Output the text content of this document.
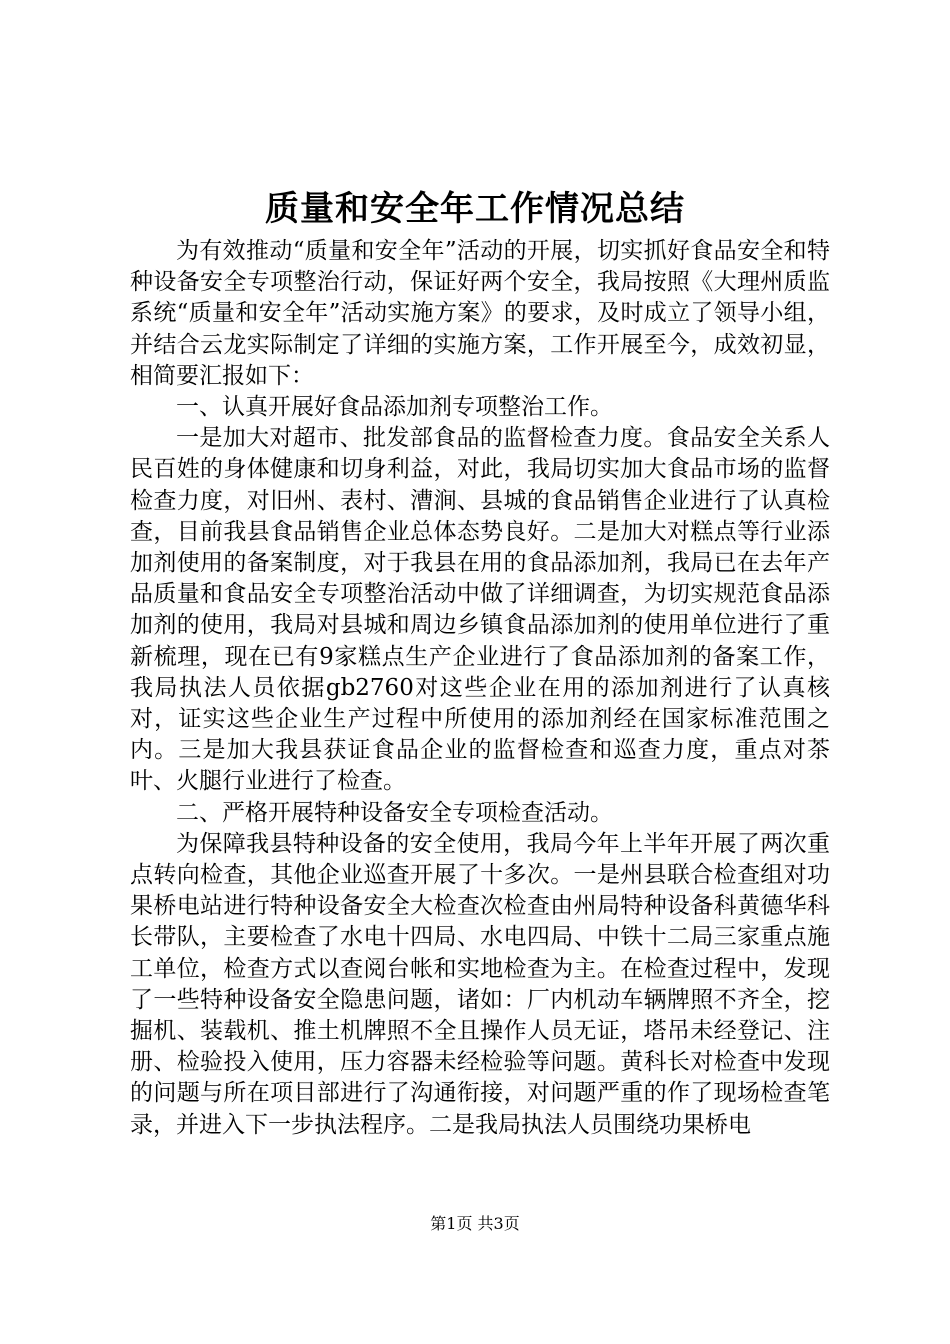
质量和安全年工作情况总结

为有效推动“质量和安全年”活动的开展，切实抓好食品安全和特种设备安全专项整治行动，保证好两个安全，我局按照《大理州质监系统“质量和安全年”活动实施方案》的要求，及时成立了领导小组，并结合云龙实际制定了详细的实施方案，工作开展至今，成效初显，相简要汇报如下：

一、认真开展好食品添加剂专项整治工作。

一是加大对超市、批发部食品的监督检查力度。食品安全关系人民百姓的身体健康和切身利益，对此，我局切实加大食品市场的监督检查力度，对旧州、表村、漕涧、县城的食品销售企业进行了认真检查，目前我县食品销售企业总体态势良好。二是加大对糕点等行业添加剂使用的备案制度，对于我县在用的食品添加剂，我局已在去年产品质量和食品安全专项整治活动中做了详细调查，为切实规范食品添加剂的使用，我局对县城和周边乡镇食品添加剂的使用单位进行了重新梳理，现在已有9家糕点生产企业进行了食品添加剂的备案工作，我局执法人员依据gb2760对这些企业在用的添加剂进行了认真核对，证实这些企业生产过程中所使用的添加剂经在国家标准范围之内。三是加大我县获证食品企业的监督检查和巡查力度，重点对茶叶、火腿行业进行了检查。

二、严格开展特种设备安全专项检查活动。

为保障我县特种设备的安全使用，我局今年上半年开展了两次重点转向检查，其他企业巡查开展了十多次。一是州县联合检查组对功果桥电站进行特种设备安全大检查次检查由州局特种设备科黄德华科长带队，主要检查了水电十四局、水电四局、中铁十二局三家重点施工单位，检查方式以查阅台帐和实地检查为主。在检查过程中，发现了一些特种设备安全隐患问题，诸如：厂内机动车辆牌照不齐全，挖掘机、装载机、推土机牌照不全且操作人员无证，塔吊未经登记、注册、检验投入使用，压力容器未经检验等问题。黄科长对检查中发现的问题与所在项目部进行了沟通衔接，对问题严重的作了现场检查笔录，并进入下一步执法程序。二是我局执法人员围绕功果桥电

第1页 共3页
